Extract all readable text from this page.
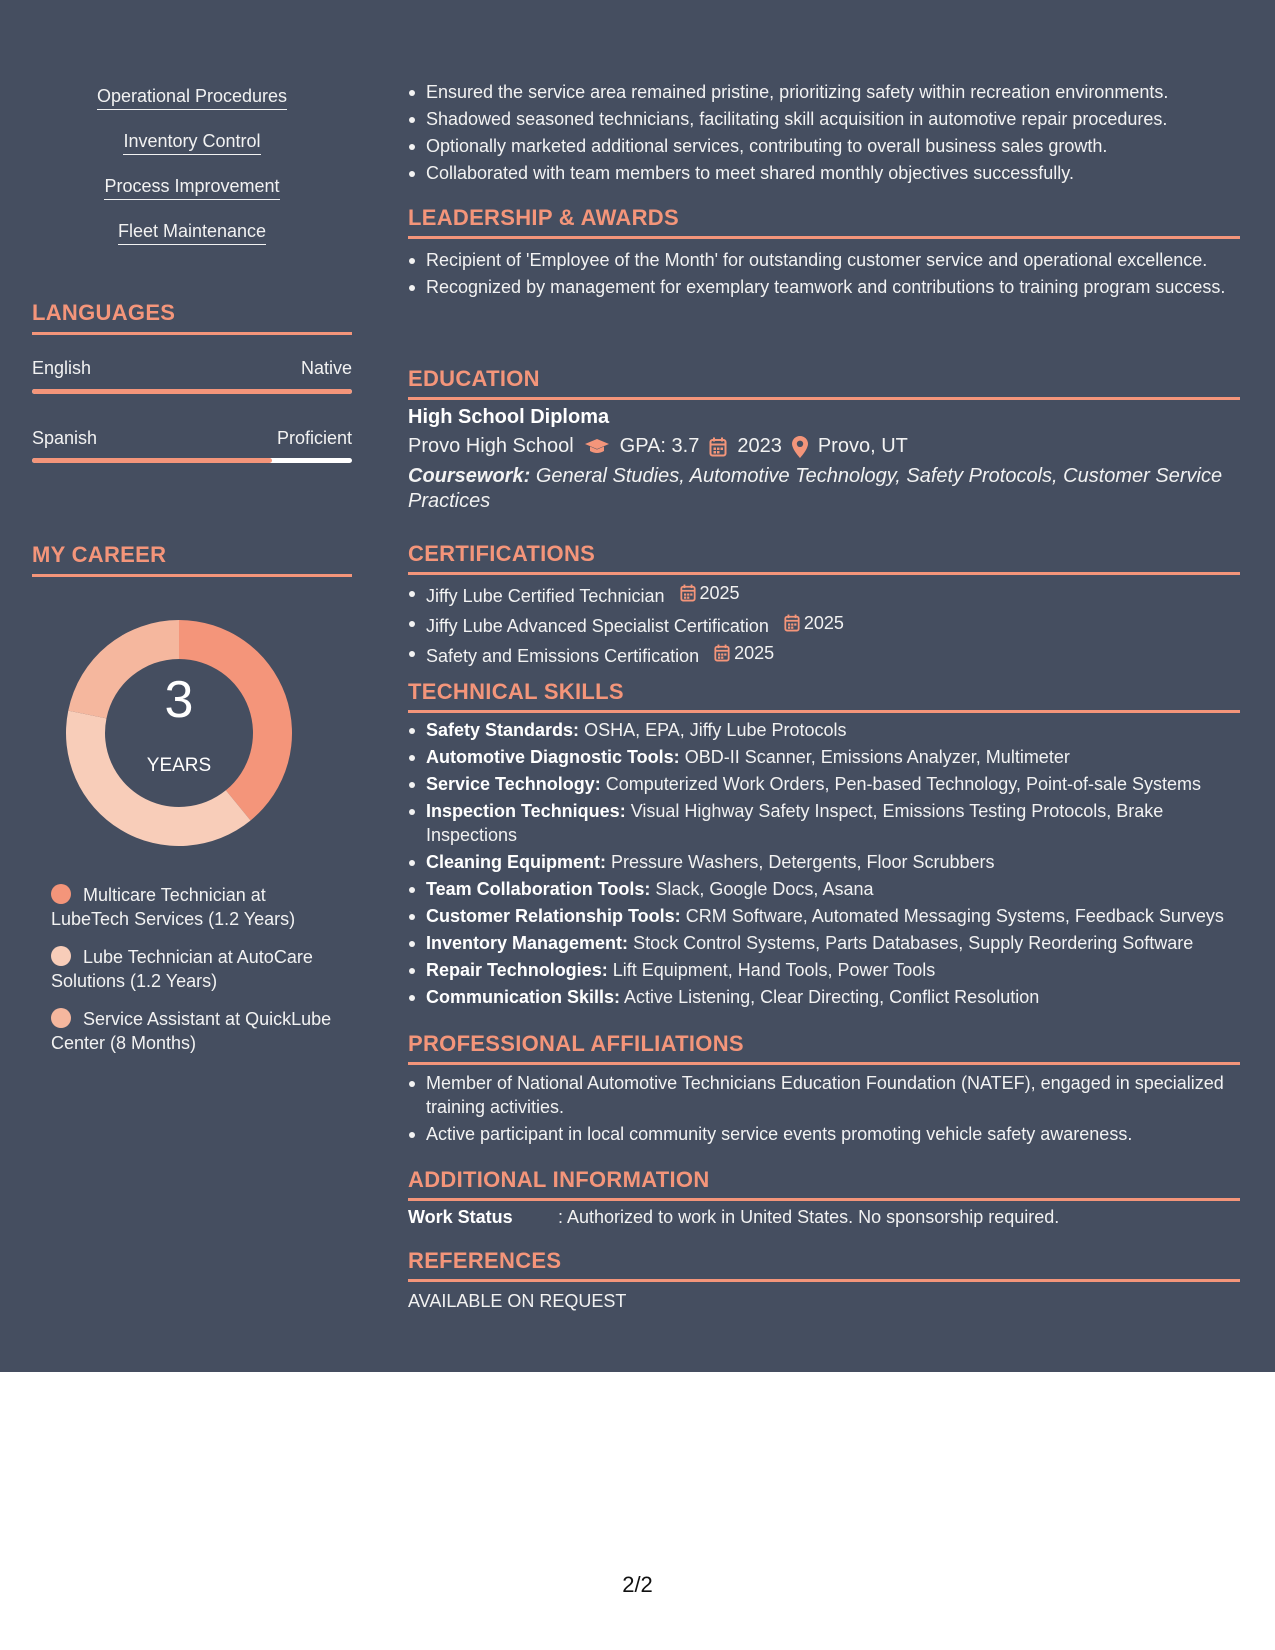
Operational Procedures
Inventory Control
Process Improvement
Fleet Maintenance
LANGUAGES
English	Native
Spanish	Proficient
MY CAREER
3
YEARS
Multicare Technician at LubeTech Services (1.2 Years)
Lube Technician at AutoCare Solutions (1.2 Years)
Service Assistant at QuickLube Center (8 Months)
Ensured the service area remained pristine, prioritizing safety within recreation environments.
Shadowed seasoned technicians, facilitating skill acquisition in automotive repair procedures.
Optionally marketed additional services, contributing to overall business sales growth.
Collaborated with team members to meet shared monthly objectives successfully.
LEADERSHIP & AWARDS
Recipient of 'Employee of the Month' for outstanding customer service and operational excellence.
Recognized by management for exemplary teamwork and contributions to training program success.
EDUCATION
High School Diploma
Provo High School GPA: 3.7 2023 Provo, UT
Coursework: General Studies, Automotive Technology, Safety Protocols, Customer Service Practices
CERTIFICATIONS
Jiffy Lube Certified Technician 2025
Jiffy Lube Advanced Specialist Certification 2025
Safety and Emissions Certification 2025
TECHNICAL SKILLS
Safety Standards: OSHA, EPA, Jiffy Lube Protocols
Automotive Diagnostic Tools: OBD-II Scanner, Emissions Analyzer, Multimeter
Service Technology: Computerized Work Orders, Pen-based Technology, Point-of-sale Systems
Inspection Techniques: Visual Highway Safety Inspect, Emissions Testing Protocols, Brake Inspections
Cleaning Equipment: Pressure Washers, Detergents, Floor Scrubbers
Team Collaboration Tools: Slack, Google Docs, Asana
Customer Relationship Tools: CRM Software, Automated Messaging Systems, Feedback Surveys
Inventory Management: Stock Control Systems, Parts Databases, Supply Reordering Software
Repair Technologies: Lift Equipment, Hand Tools, Power Tools
Communication Skills: Active Listening, Clear Directing, Conflict Resolution
PROFESSIONAL AFFILIATIONS
Member of National Automotive Technicians Education Foundation (NATEF), engaged in specialized training activities.
Active participant in local community service events promoting vehicle safety awareness.
ADDITIONAL INFORMATION
Work Status	: Authorized to work in United States. No sponsorship required.
REFERENCES
AVAILABLE ON REQUEST
2/2
